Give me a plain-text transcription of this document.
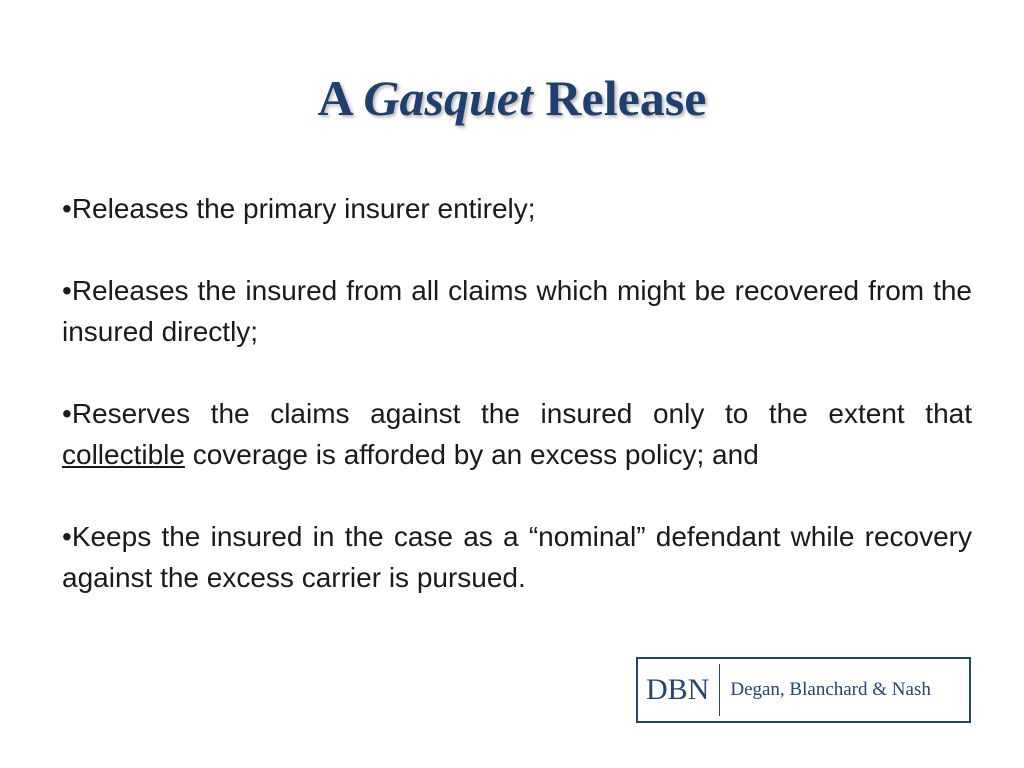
A Gasquet Release
•Releases the primary insurer entirely;
•Releases the insured from all claims which might be recovered from the insured directly;
•Reserves the claims against the insured only to the extent that collectible coverage is afforded by an excess policy; and
•Keeps the insured in the case as a “nominal” defendant while recovery against the excess carrier is pursued.
DBN	Degan, Blanchard & Nash
